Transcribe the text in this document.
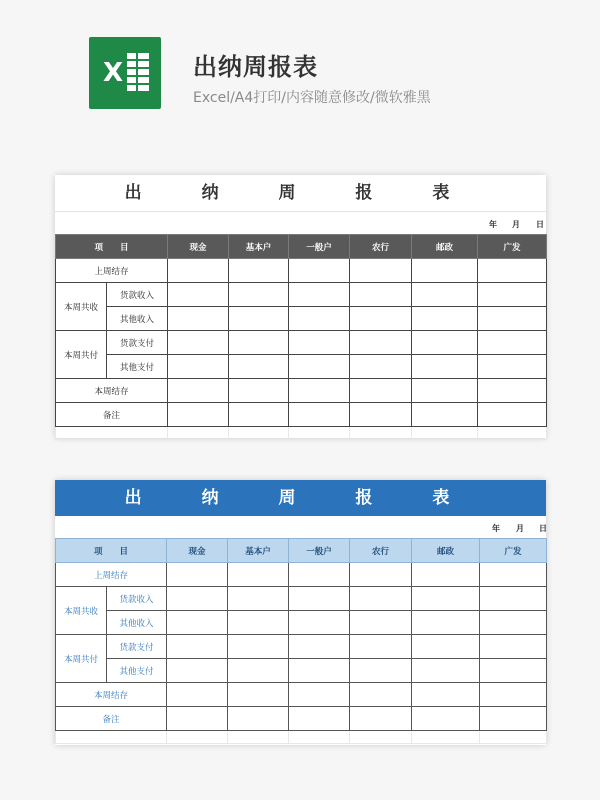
X	出纳周报表
Excel/A4打印/内容随意修改/微软雅黑
出 纳 周 报 表
年 月 日
项　　目		现金	基本户	一般户	农行	邮政	广发
上周结存							
本周共收	货款收入						
	其他收入						
本周共付	货款支付						
	其他支付						
本周结存							
备注							

出 纳 周 报 表
年 月 日
项　　目		现金	基本户	一般户	农行	邮政	广发
上周结存							
本周共收	货款收入						
	其他收入						
本周共付	货款支付						
	其他支付						
本周结存							
备注							
